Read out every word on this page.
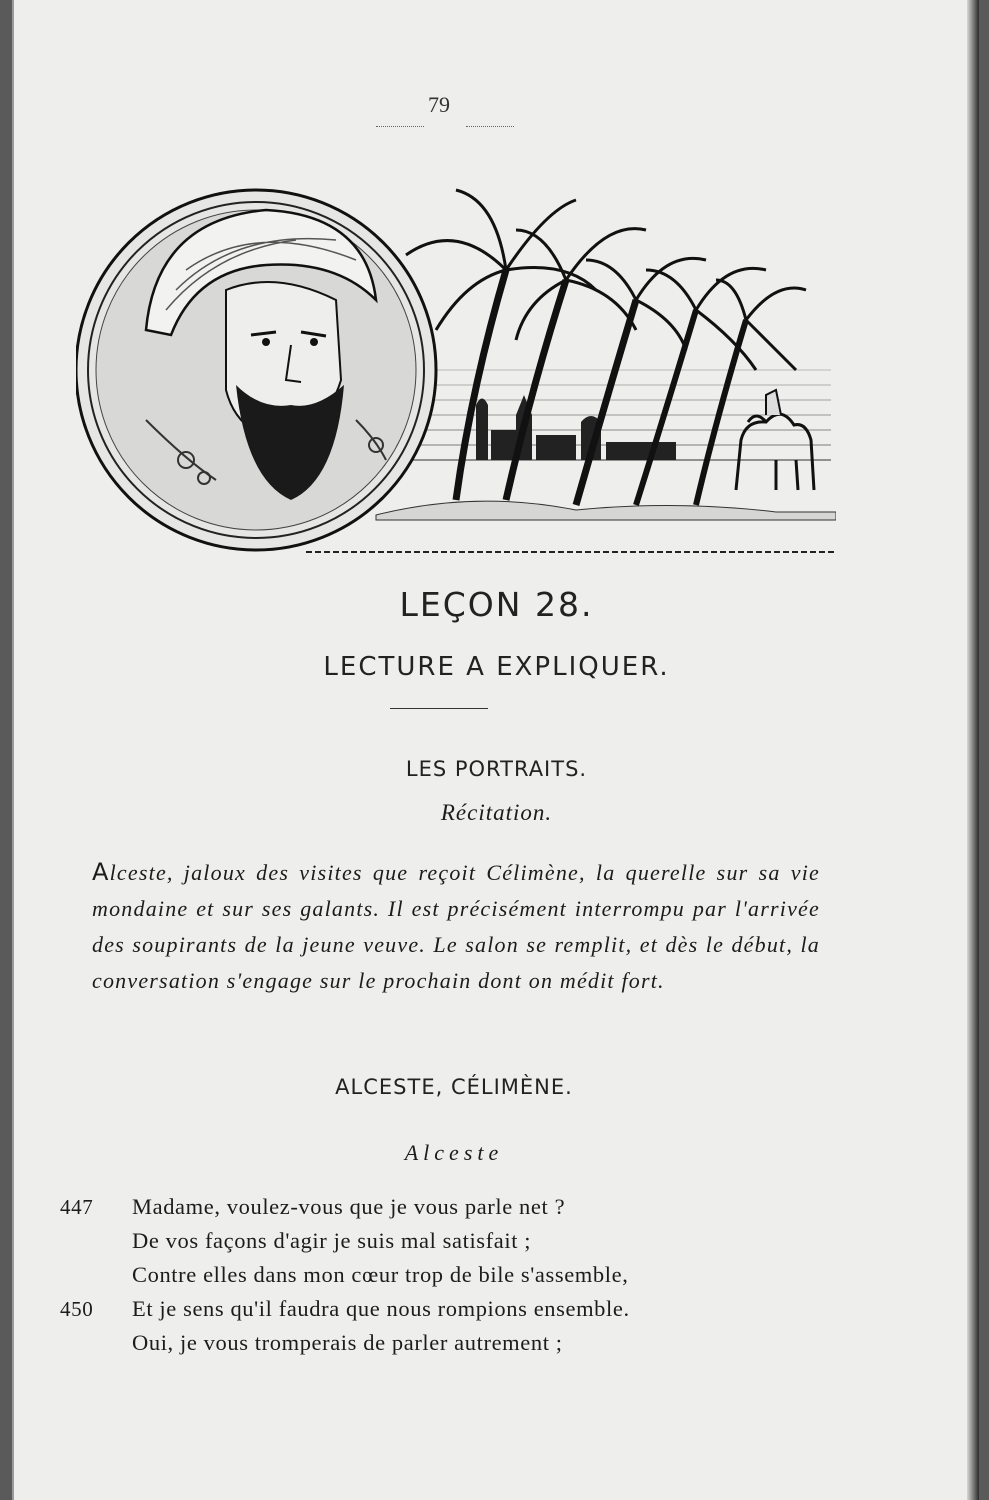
79
LEÇON 28.
LECTURE A EXPLIQUER.
LES PORTRAITS.
Récitation.

Alceste, jaloux des visites que reçoit Célimène, la querelle sur sa vie mondaine et sur ses galants. Il est précisément interrompu par l'arrivée des soupirants de la jeune veuve. Le salon se remplit, et dès le début, la conversation s'engage sur le prochain dont on médit fort.

ALCESTE, CÉLIMÈNE.
Alceste
447	Madame, voulez-vous que je vous parle net ?
De vos façons d'agir je suis mal satisfait ;
Contre elles dans mon cœur trop de bile s'assemble,
450	Et je sens qu'il faudra que nous rompions ensemble.
Oui, je vous tromperais de parler autrement ;
